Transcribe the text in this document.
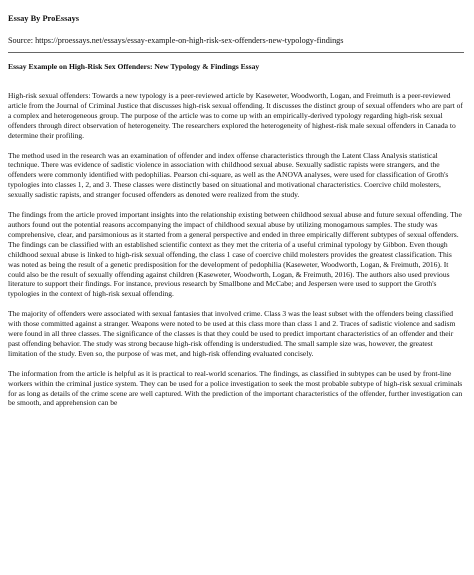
Essay By ProEssays
Source: https://proessays.net/essays/essay-example-on-high-risk-sex-offenders-new-typology-findings
Essay Example on High-Risk Sex Offenders: New Typology & Findings Essay

High-risk sexual offenders: Towards a new typology is a peer-reviewed article by Kaseweter, Woodworth, Logan, and Freimuth is a peer-reviewed article from the Journal of Criminal Justice that discusses high-risk sexual offending. It discusses the distinct group of sexual offenders who are part of a complex and heterogeneous group. The purpose of the article was to come up with an empirically-derived typology regarding high-risk sexual offenders through direct observation of heterogeneity. The researchers explored the heterogeneity of highest-risk male sexual offenders in Canada to determine their profiling.

The method used in the research was an examination of offender and index offense characteristics through the Latent Class Analysis statistical technique. There was evidence of sadistic violence in association with childhood sexual abuse. Sexually sadistic rapists were strangers, and the offenders were commonly identified with pedophilias. Pearson chi-square, as well as the ANOVA analyses, were used for classification of Groth's typologies into classes 1, 2, and 3. These classes were distinctly based on situational and motivational characteristics. Coercive child molesters, sexually sadistic rapists, and stranger focused offenders as denoted were realized from the study.

The findings from the article proved important insights into the relationship existing between childhood sexual abuse and future sexual offending. The authors found out the potential reasons accompanying the impact of childhood sexual abuse by utilizing monogamous samples. The study was comprehensive, clear, and parsimonious as it started from a general perspective and ended in three empirically different subtypes of sexual offenders. The findings can be classified with an established scientific context as they met the criteria of a useful criminal typology by Gibbon. Even though childhood sexual abuse is linked to high-risk sexual offending, the class 1 case of coercive child molesters provides the greatest classification. This was noted as being the result of a genetic predisposition for the development of pedophilia (Kaseweter, Woodworth, Logan, & Freimuth, 2016). It could also be the result of sexually offending against children (Kaseweter, Woodworth, Logan, & Freimuth, 2016). The authors also used previous literature to support their findings. For instance, previous research by Smallbone and McCabe; and Jespersen were used to support the Groth's typologies in the context of high-risk sexual offending.

The majority of offenders were associated with sexual fantasies that involved crime. Class 3 was the least subset with the offenders being classified with those committed against a stranger. Weapons were noted to be used at this class more than class 1 and 2. Traces of sadistic violence and sadism were found in all three classes. The significance of the classes is that they could be used to predict important characteristics of an offender and their past offending behavior. The study was strong because high-risk offending is understudied. The small sample size was, however, the greatest limitation of the study. Even so, the purpose of was met, and high-risk offending evaluated concisely.

The information from the article is helpful as it is practical to real-world scenarios. The findings, as classified in subtypes can be used by front-line workers within the criminal justice system. They can be used for a police investigation to seek the most probable subtype of high-risk sexual criminals for as long as details of the crime scene are well captured. With the prediction of the important characteristics of the offender, further investigation can be smooth, and apprehension can be
